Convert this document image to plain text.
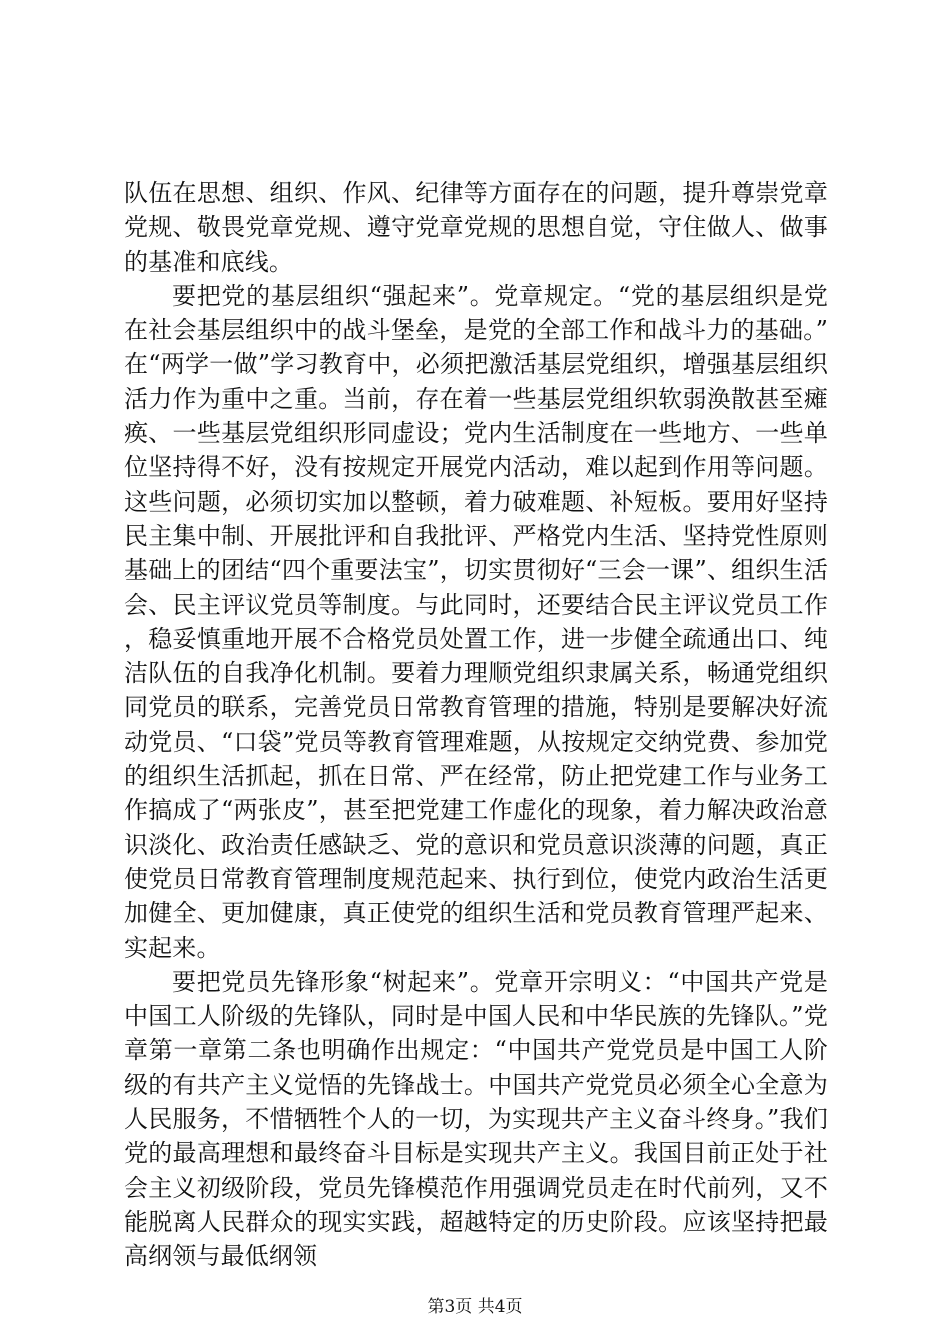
队伍在思想、组织、作风、纪律等方面存在的问题，提升尊崇党章党规、敬畏党章党规、遵守党章党规的思想自觉，守住做人、做事的基准和底线。

要把党的基层组织“强起来”。党章规定。“党的基层组织是党在社会基层组织中的战斗堡垒，是党的全部工作和战斗力的基础。”在“两学一做”学习教育中，必须把激活基层党组织，增强基层组织活力作为重中之重。当前，存在着一些基层党组织软弱涣散甚至瘫痪、一些基层党组织形同虚设；党内生活制度在一些地方、一些单位坚持得不好，没有按规定开展党内活动，难以起到作用等问题。这些问题，必须切实加以整顿，着力破难题、补短板。要用好坚持民主集中制、开展批评和自我批评、严格党内生活、坚持党性原则基础上的团结“四个重要法宝”，切实贯彻好“三会一课”、组织生活会、民主评议党员等制度。与此同时，还要结合民主评议党员工作，稳妥慎重地开展不合格党员处置工作，进一步健全疏通出口、纯洁队伍的自我净化机制。要着力理顺党组织隶属关系，畅通党组织同党员的联系，完善党员日常教育管理的措施，特别是要解决好流动党员、“口袋”党员等教育管理难题，从按规定交纳党费、参加党的组织生活抓起，抓在日常、严在经常，防止把党建工作与业务工作搞成了“两张皮”，甚至把党建工作虚化的现象，着力解决政治意识淡化、政治责任感缺乏、党的意识和党员意识淡薄的问题，真正使党员日常教育管理制度规范起来、执行到位，使党内政治生活更加健全、更加健康，真正使党的组织生活和党员教育管理严起来、实起来。

要把党员先锋形象“树起来”。党章开宗明义：“中国共产党是中国工人阶级的先锋队，同时是中国人民和中华民族的先锋队。”党章第一章第二条也明确作出规定：“中国共产党党员是中国工人阶级的有共产主义觉悟的先锋战士。中国共产党党员必须全心全意为人民服务，不惜牺牲个人的一切，为实现共产主义奋斗终身。”我们党的最高理想和最终奋斗目标是实现共产主义。我国目前正处于社会主义初级阶段，党员先锋模范作用强调党员走在时代前列，又不能脱离人民群众的现实实践，超越特定的历史阶段。应该坚持把最高纲领与最低纲领

第3页 共4页
